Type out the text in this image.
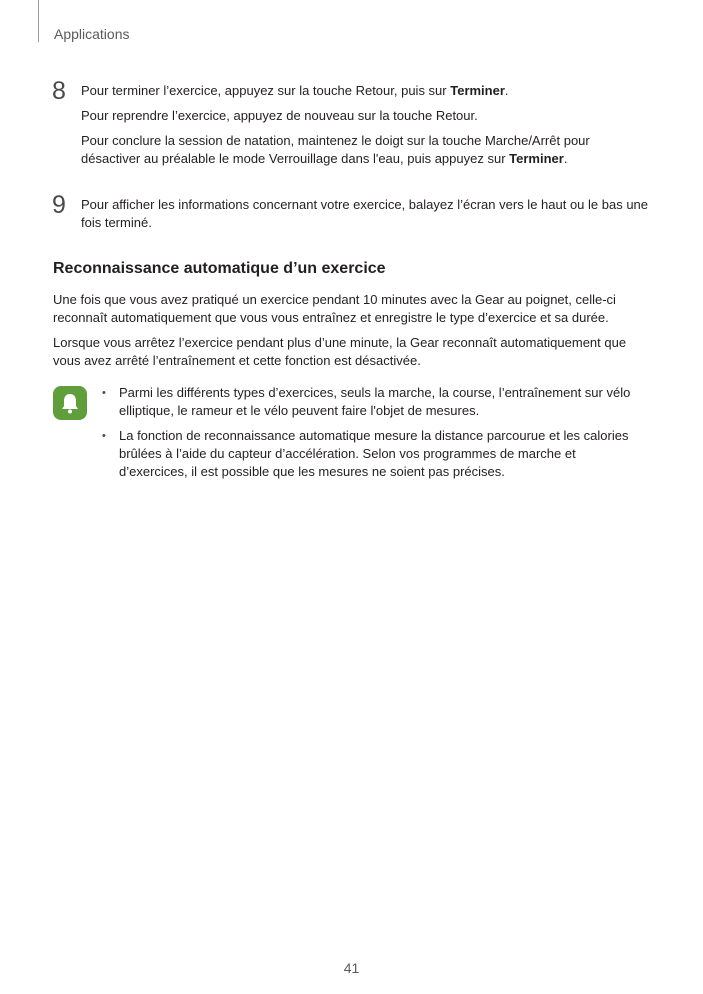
Applications
8 Pour terminer l’exercice, appuyez sur la touche Retour, puis sur Terminer.

Pour reprendre l’exercice, appuyez de nouveau sur la touche Retour.

Pour conclure la session de natation, maintenez le doigt sur la touche Marche/Arrêt pour désactiver au préalable le mode Verrouillage dans l'eau, puis appuyez sur Terminer.

9 Pour afficher les informations concernant votre exercice, balayez l’écran vers le haut ou le bas une fois terminé.

Reconnaissance automatique d’un exercice

Une fois que vous avez pratiqué un exercice pendant 10 minutes avec la Gear au poignet, celle-ci reconnaît automatiquement que vous vous entraînez et enregistre le type d’exercice et sa durée.

Lorsque vous arrêtez l’exercice pendant plus d’une minute, la Gear reconnaît automatiquement que vous avez arrêté l’entraînement et cette fonction est désactivée.

• Parmi les différents types d’exercices, seuls la marche, la course, l’entraînement sur vélo elliptique, le rameur et le vélo peuvent faire l'objet de mesures.
• La fonction de reconnaissance automatique mesure la distance parcourue et les calories brûlées à l’aide du capteur d’accélération. Selon vos programmes de marche et d’exercices, il est possible que les mesures ne soient pas précises.
41
